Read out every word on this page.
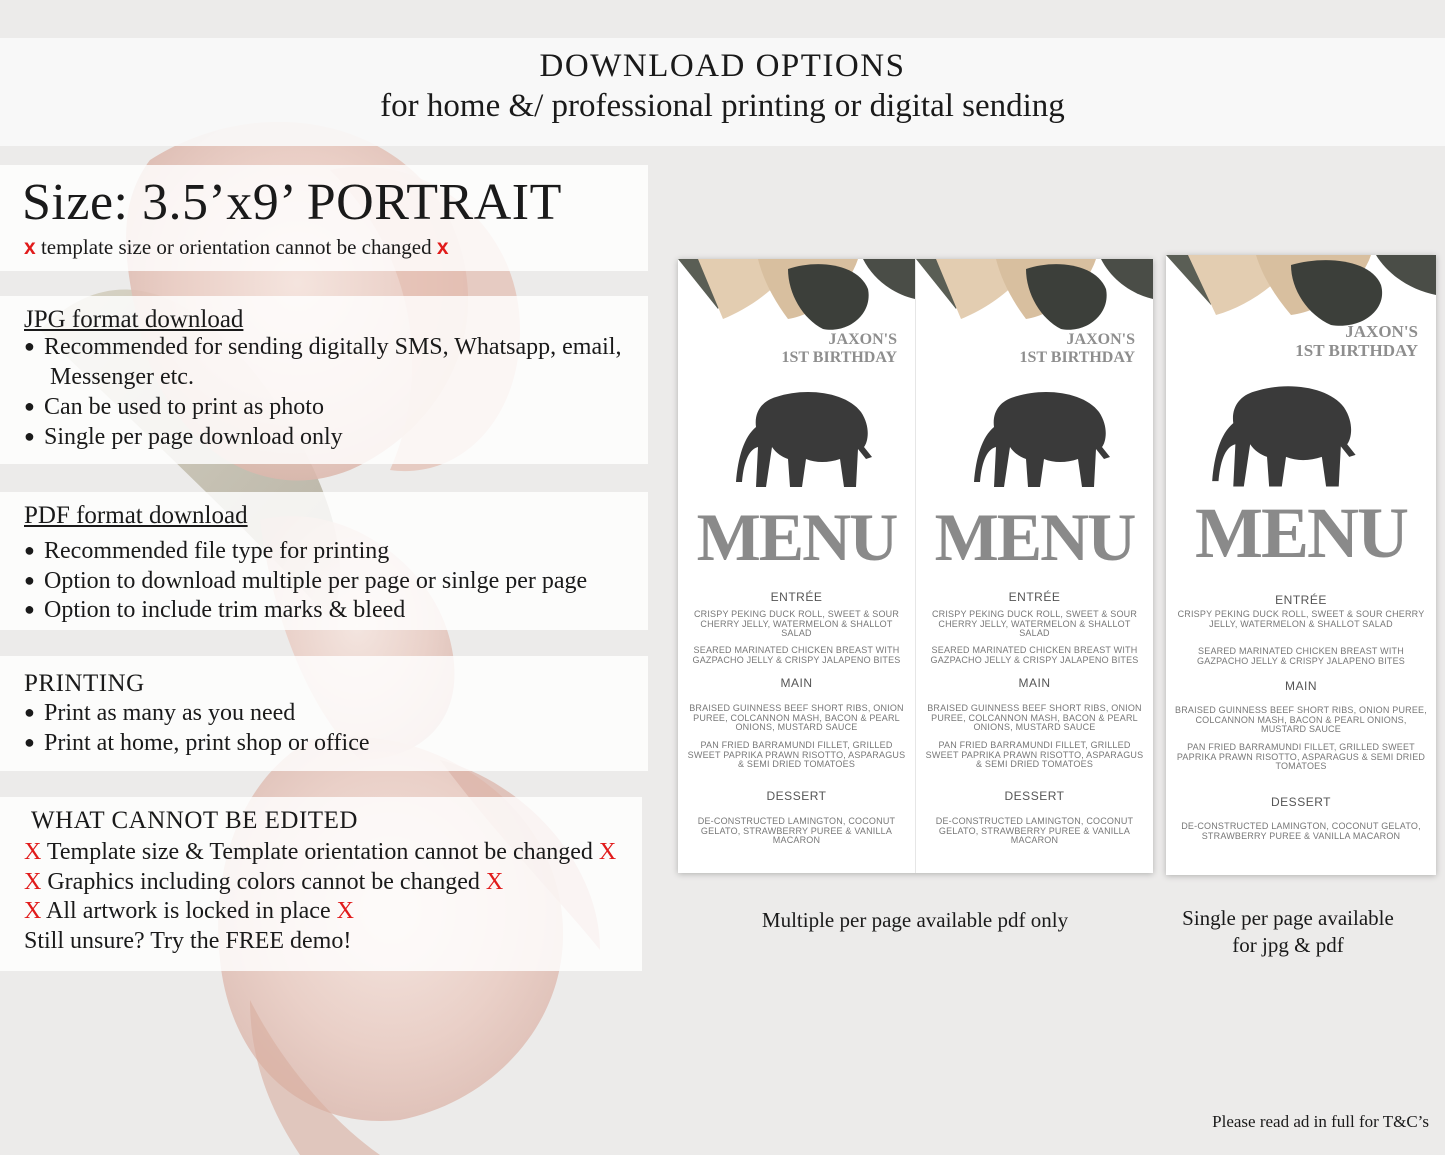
DOWNLOAD OPTIONS
for home &/ professional printing or digital sending
Size: 3.5’x9’ PORTRAIT
x template size or orientation cannot be changed x
JPG format download
● Recommended for sending digitally SMS, Whatsapp, email,
Messenger etc.
● Can be used to print as photo
● Single per page download only
PDF format download
● Recommended file type for printing
● Option to download multiple per page or sinlge per page
● Option to include trim marks & bleed
PRINTING
● Print as many as you need
● Print at home, print shop or office
WHAT CANNOT BE EDITED
X Template size & Template orientation cannot be changed X
X Graphics including colors cannot be changed X
X All artwork is locked in place X
Still unsure? Try the FREE demo!
JAXON'S
1ST BIRTHDAY
MENU
ENTRÉE
CRISPY PEKING DUCK ROLL, SWEET & SOUR CHERRY JELLY, WATERMELON & SHALLOT SALAD
SEARED MARINATED CHICKEN BREAST WITH GAZPACHO JELLY & CRISPY JALAPENO BITES
MAIN
BRAISED GUINNESS BEEF SHORT RIBS, ONION PUREE, COLCANNON MASH, BACON & PEARL ONIONS, MUSTARD SAUCE
PAN FRIED BARRAMUNDI FILLET, GRILLED SWEET PAPRIKA PRAWN RISOTTO, ASPARAGUS & SEMI DRIED TOMATOES
DESSERT
DE-CONSTRUCTED LAMINGTON, COCONUT GELATO, STRAWBERRY PUREE & VANILLA MACARON
JAXON'S
1ST BIRTHDAY
MENU
ENTRÉE
CRISPY PEKING DUCK ROLL, SWEET & SOUR CHERRY JELLY, WATERMELON & SHALLOT SALAD
SEARED MARINATED CHICKEN BREAST WITH GAZPACHO JELLY & CRISPY JALAPENO BITES
MAIN
BRAISED GUINNESS BEEF SHORT RIBS, ONION PUREE, COLCANNON MASH, BACON & PEARL ONIONS, MUSTARD SAUCE
PAN FRIED BARRAMUNDI FILLET, GRILLED SWEET PAPRIKA PRAWN RISOTTO, ASPARAGUS & SEMI DRIED TOMATOES
DESSERT
DE-CONSTRUCTED LAMINGTON, COCONUT GELATO, STRAWBERRY PUREE & VANILLA MACARON
JAXON'S
1ST BIRTHDAY
MENU
ENTRÉE
CRISPY PEKING DUCK ROLL, SWEET & SOUR CHERRY JELLY, WATERMELON & SHALLOT SALAD
SEARED MARINATED CHICKEN BREAST WITH GAZPACHO JELLY & CRISPY JALAPENO BITES
MAIN
BRAISED GUINNESS BEEF SHORT RIBS, ONION PUREE, COLCANNON MASH, BACON & PEARL ONIONS, MUSTARD SAUCE
PAN FRIED BARRAMUNDI FILLET, GRILLED SWEET PAPRIKA PRAWN RISOTTO, ASPARAGUS & SEMI DRIED TOMATOES
DESSERT
DE-CONSTRUCTED LAMINGTON, COCONUT GELATO, STRAWBERRY PUREE & VANILLA MACARON
Multiple per page available pdf only	Single per page available
for jpg & pdf
Please read ad in full for T&C’s
